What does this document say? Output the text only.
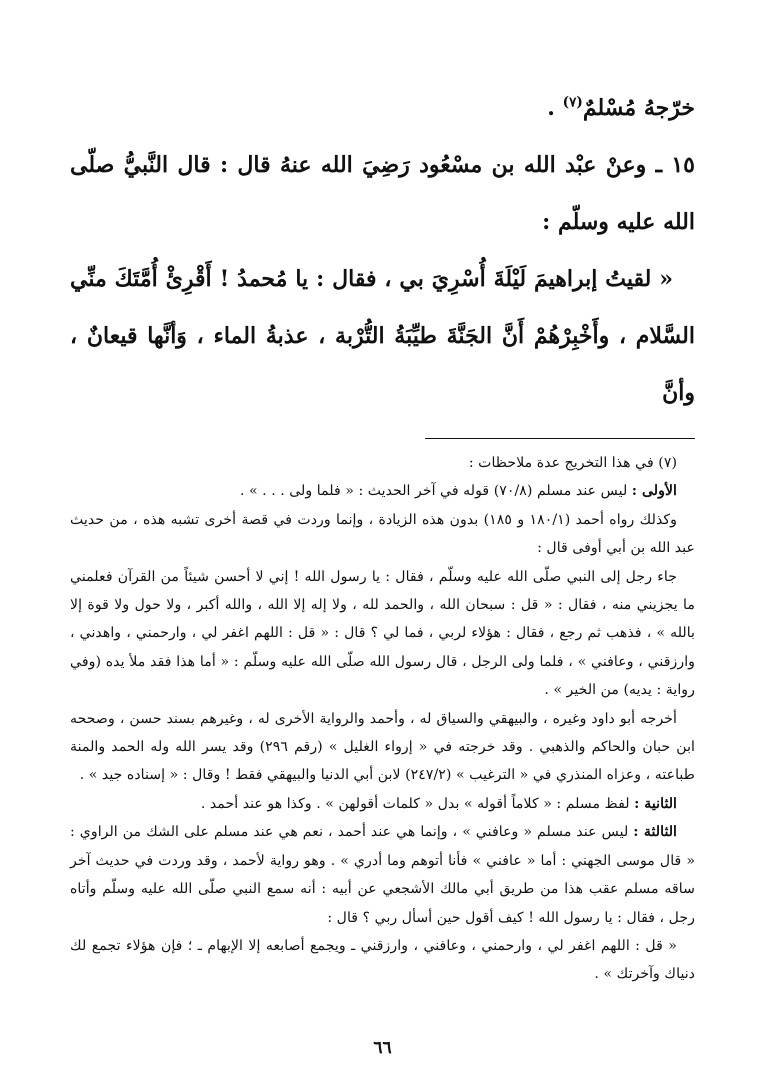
خرّجهُ مُسْلمٌ$^{(٧)}$ .

١٥ ـ وعنْ عبْد الله بن مسْعُود رَضِيَ الله عنهُ قال : قال النَّبيُّ صلّى الله عليه وسلّم :

« لقيتُ إبراهيمَ لَيْلَةَ أُسْرِيَ بي ، فقال : يا مُحمدُ ! أَقْرِئْ أُمَّتَكَ منِّي السَّلام ، وأَخْبِرْهُمْ أَنَّ الجَنَّةَ طيِّبَةُ التُّرْبة ، عذبةُ الماء ، وَأنَّها قيعانٌ ، وأنَّ

(٧) في هذا التخريج عدة ملاحظات :

الأولى : ليس عند مسلم (٧٠/٨) قوله في آخر الحديث : « فلما ولى . . . » .

وكذلك رواه أحمد (١٨٠/١ و ١٨٥) بدون هذه الزيادة ، وإنما وردت في قصة أخرى تشبه هذه ، من حديث عبد الله بن أبي أوفى قال :

جاء رجل إلى النبي صلّى الله عليه وسلّم ، فقال : يا رسول الله ! إني لا أحسن شيئاً من القرآن فعلمني ما يجزيني منه ، فقال : « قل : سبحان الله ، والحمد لله ، ولا إله إلا الله ، والله أكبر ، ولا حول ولا قوة إلا بالله » ، فذهب ثم رجع ، فقال : هؤلاء لربي ، فما لي ؟ قال : « قل : اللهم اغفر لي ، وارحمني ، واهدني ، وارزقني ، وعافني » ، فلما ولى الرجل ، قال رسول الله صلّى الله عليه وسلّم : « أما هذا فقد ملأ يده (وفي رواية : يديه) من الخير » .

أخرجه أبو داود وغيره ، والبيهقي والسياق له ، وأحمد والرواية الأخرى له ، وغيرهم بسند حسن ، وصححه ابن حبان والحاكم والذهبي . وقد خرجته في « إرواء الغليل » (رقم ٢٩٦) وقد يسر الله وله الحمد والمنة طباعته ، وعزاه المنذري في « الترغيب » (٢٤٧/٢) لابن أبي الدنيا والبيهقي فقط ! وقال : « إسناده جيد » .

الثانية : لفظ مسلم : « كلاماً أقوله » بدل « كلمات أقولهن » . وكذا هو عند أحمد .

الثالثة : ليس عند مسلم « وعافني » ، وإنما هي عند أحمد ، نعم هي عند مسلم على الشك من الراوي : « قال موسى الجهني : أما « عافني » فأنا أتوهم وما أدري » . وهو رواية لأحمد ، وقد وردت في حديث آخر ساقه مسلم عقب هذا من طريق أبي مالك الأشجعي عن أبيه : أنه سمع النبي صلّى الله عليه وسلّم وأتاه رجل ، فقال : يا رسول الله ! كيف أقول حين أسأل ربي ؟ قال :

« قل : اللهم اغفر لي ، وارحمني ، وعافني ، وارزقني ـ ويجمع أصابعه إلا الإبهام ـ ؛ فإن هؤلاء تجمع لك دنياك وآخرتك » .

٦٦
